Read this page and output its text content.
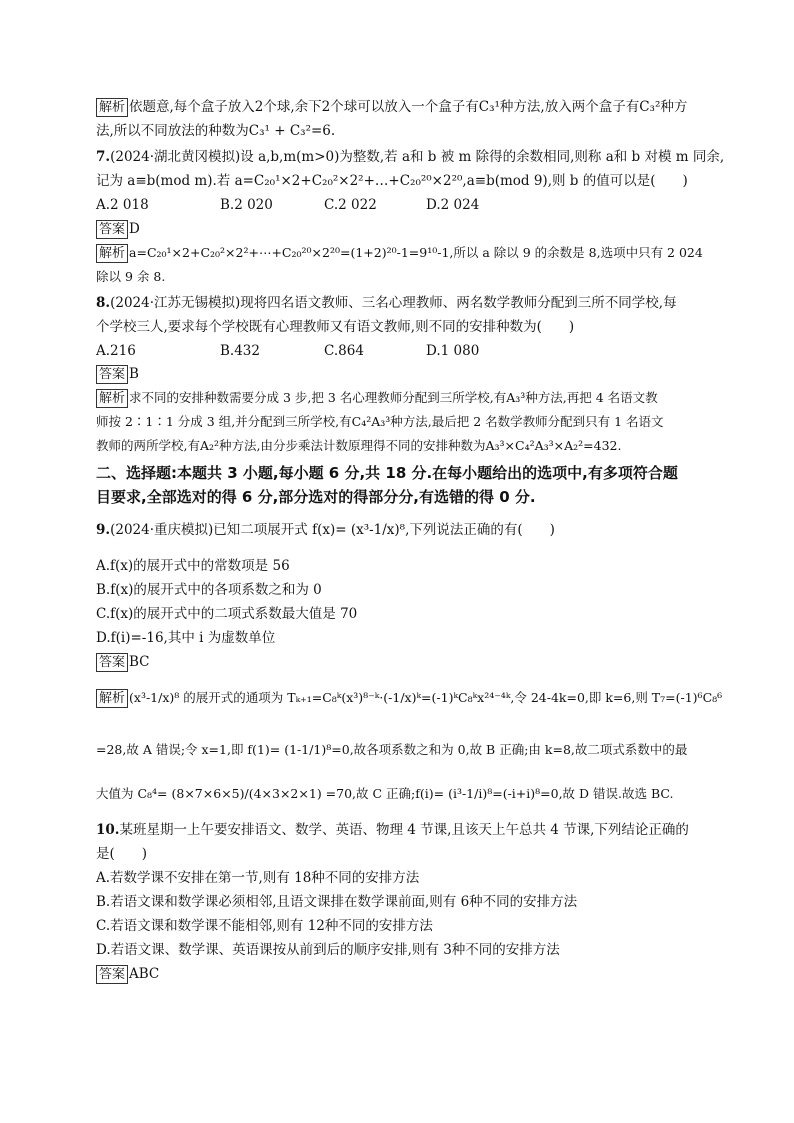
解析 依题意,每个盒子放入2个球,余下2个球可以放入一个盒子有C₃¹种方法,放入两个盒子有C₃²种方
法,所以不同放法的种数为C₃¹ + C₃²=6.
7.(2024·湖北黄冈模拟)设 a,b,m(m>0)为整数,若 a和 b 被 m 除得的余数相同,则称 a和 b 对模 m 同余,
记为 a≡b(mod m).若 a=C₂₀¹×2+C₂₀²×2²+…+C₂₀²⁰×2²⁰,a≡b(mod 9),则 b 的值可以是(　　)
A.2 018	B.2 020	C.2 022	D.2 024
答案 D
解析 a=C₂₀¹×2+C₂₀²×2²+⋯+C₂₀²⁰×2²⁰=(1+2)²⁰-1=9¹⁰-1,所以 a 除以 9 的余数是 8,选项中只有 2 024
除以 9 余 8.
8.(2024·江苏无锡模拟)现将四名语文教师、三名心理教师、两名数学教师分配到三所不同学校,每
个学校三人,要求每个学校既有心理教师又有语文教师,则不同的安排种数为(　　)
A.216	B.432	C.864	D.1 080
答案 B
解析 求不同的安排种数需要分成 3 步,把 3 名心理教师分配到三所学校,有A₃³种方法,再把 4 名语文教
师按 2∶1∶1 分成 3 组,并分配到三所学校,有C₄²A₃³种方法,最后把 2 名数学教师分配到只有 1 名语文
教师的两所学校,有A₂²种方法,由分步乘法计数原理得不同的安排种数为A₃³×C₄²A₃³×A₂²=432.
二、选择题:本题共 3 小题,每小题 6 分,共 18 分.在每小题给出的选项中,有多项符合题
目要求,全部选对的得 6 分,部分选对的得部分分,有选错的得 0 分.
9.(2024·重庆模拟)已知二项展开式 f(x)= (x³-1/x)⁸,下列说法正确的有(　　)
A.f(x)的展开式中的常数项是 56
B.f(x)的展开式中的各项系数之和为 0
C.f(x)的展开式中的二项式系数最大值是 70
D.f(i)=-16,其中 i 为虚数单位
答案 BC
解析 (x³-1/x)⁸ 的展开式的通项为 Tₖ₊₁=C₈ᵏ(x³)⁸⁻ᵏ·(-1/x)ᵏ=(-1)ᵏC₈ᵏx²⁴⁻⁴ᵏ,令 24-4k=0,即 k=6,则 T₇=(-1)⁶C₈⁶
=28,故 A 错误;令 x=1,即 f(1)= (1-1/1)⁸=0,故各项系数之和为 0,故 B 正确;由 k=8,故二项式系数中的最
大值为 C₈⁴= (8×7×6×5)/(4×3×2×1) =70,故 C 正确;f(i)= (i³-1/i)⁸=(-i+i)⁸=0,故 D 错误.故选 BC.
10.某班星期一上午要安排语文、数学、英语、物理 4 节课,且该天上午总共 4 节课,下列结论正确的
是(　　)
A.若数学课不安排在第一节,则有 18种不同的安排方法
B.若语文课和数学课必须相邻,且语文课排在数学课前面,则有 6种不同的安排方法
C.若语文课和数学课不能相邻,则有 12种不同的安排方法
D.若语文课、数学课、英语课按从前到后的顺序安排,则有 3种不同的安排方法
答案 ABC
